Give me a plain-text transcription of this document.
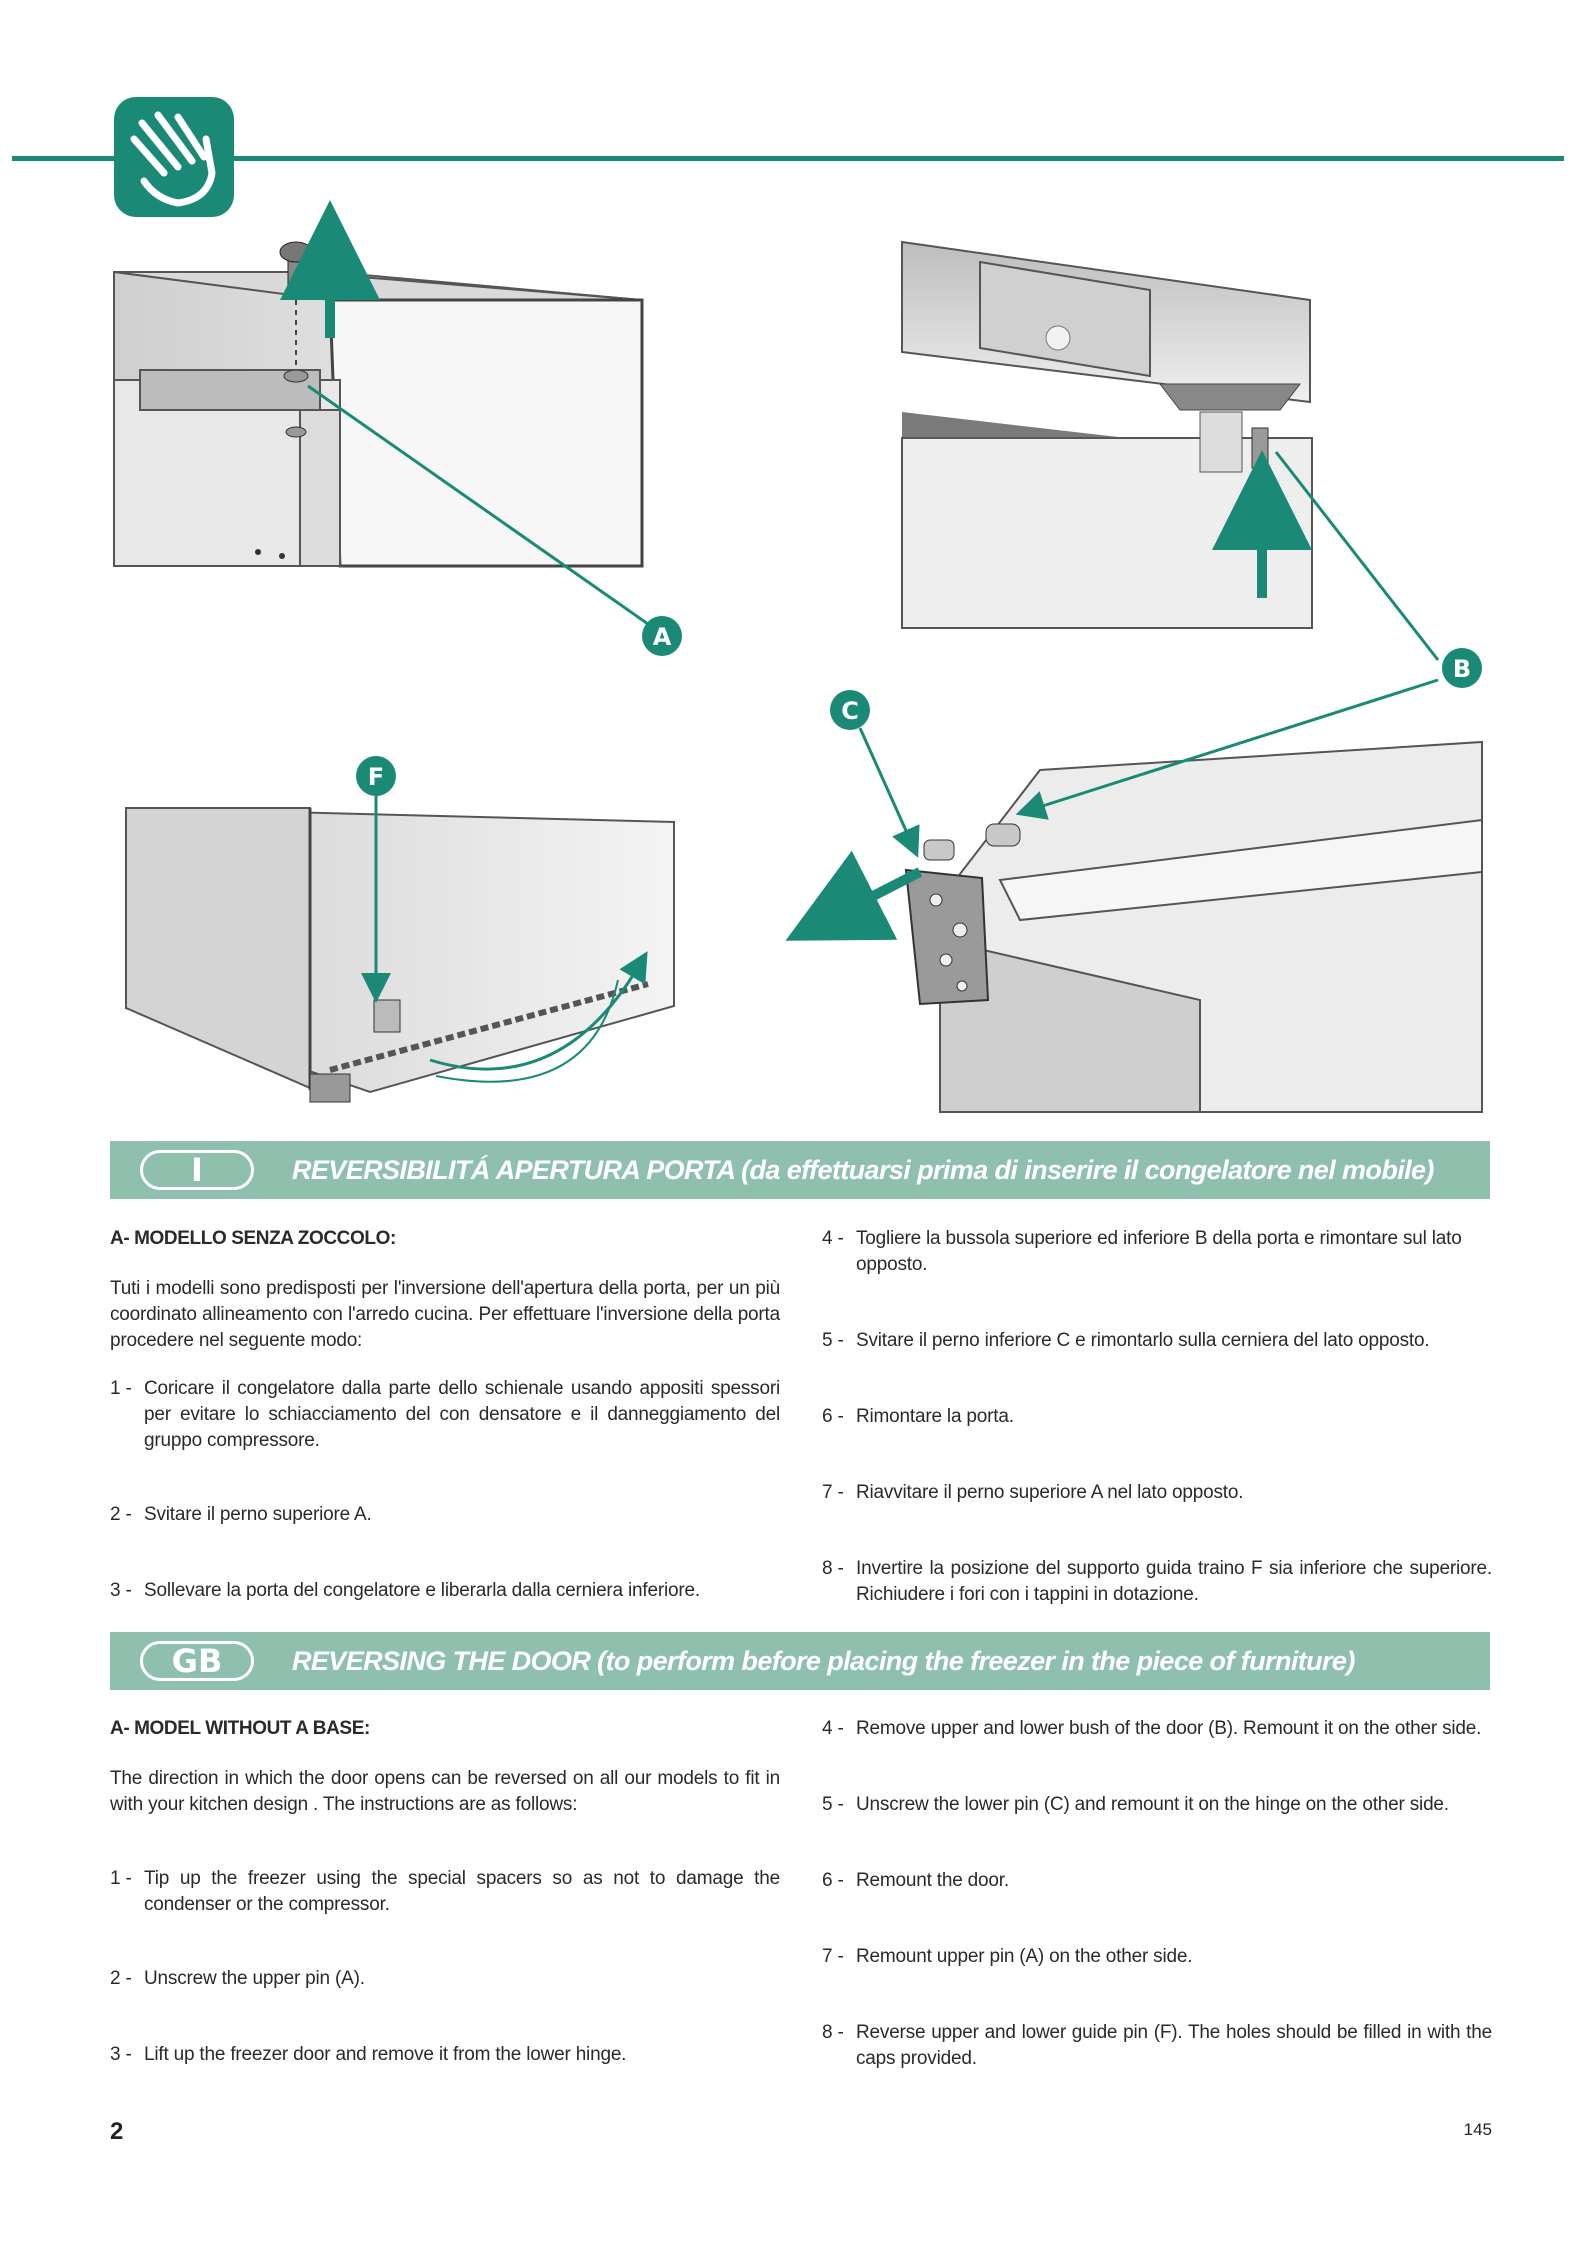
A
B
C
F
I	REVERSIBILITÁ APERTURA PORTA (da effettuarsi prima di inserire il congelatore nel mobile)
A- MODELLO SENZA ZOCCOLO:
Tuti i modelli sono predisposti per l'inversione dell'apertura della porta, per un più coordinato allineamento con l'arredo cucina. Per effettuare l'inversione della porta procedere nel seguente modo:
1 - Coricare il congelatore dalla parte dello schienale usando appositi spessori per evitare lo schiacciamento del con densatore e il danneggiamento del gruppo compressore.
2 - Svitare il perno superiore A.
3 - Sollevare la porta del congelatore e liberarla dalla cerniera inferiore.
4 - Togliere la bussola superiore ed inferiore B della porta e rimontare sul lato opposto.
5 - Svitare il perno inferiore C e rimontarlo sulla cerniera del lato opposto.
6 - Rimontare la porta.
7 - Riavvitare il perno superiore A nel lato opposto.
8 - Invertire la posizione del supporto guida traino F sia inferiore che superiore. Richiudere i fori con i tappini in dotazione.
GB	REVERSING THE DOOR (to perform before placing the freezer in the piece of furniture)
A- MODEL WITHOUT A BASE:
The direction in which the door opens can be reversed on all our models to fit in with your kitchen design . The instructions are as follows:
1 - Tip up the freezer using the special spacers so as not to damage the condenser or the compressor.
2 - Unscrew the upper pin (A).
3 - Lift up the freezer door and remove it from the lower hinge.
4 - Remove upper and lower bush of the door (B). Remount it on the other side.
5 - Unscrew the lower pin (C) and remount it on the hinge on the other side.
6 - Remount the door.
7 - Remount upper pin (A) on the other side.
8 - Reverse upper and lower guide pin (F). The holes should be filled in with the caps provided.
2	145
